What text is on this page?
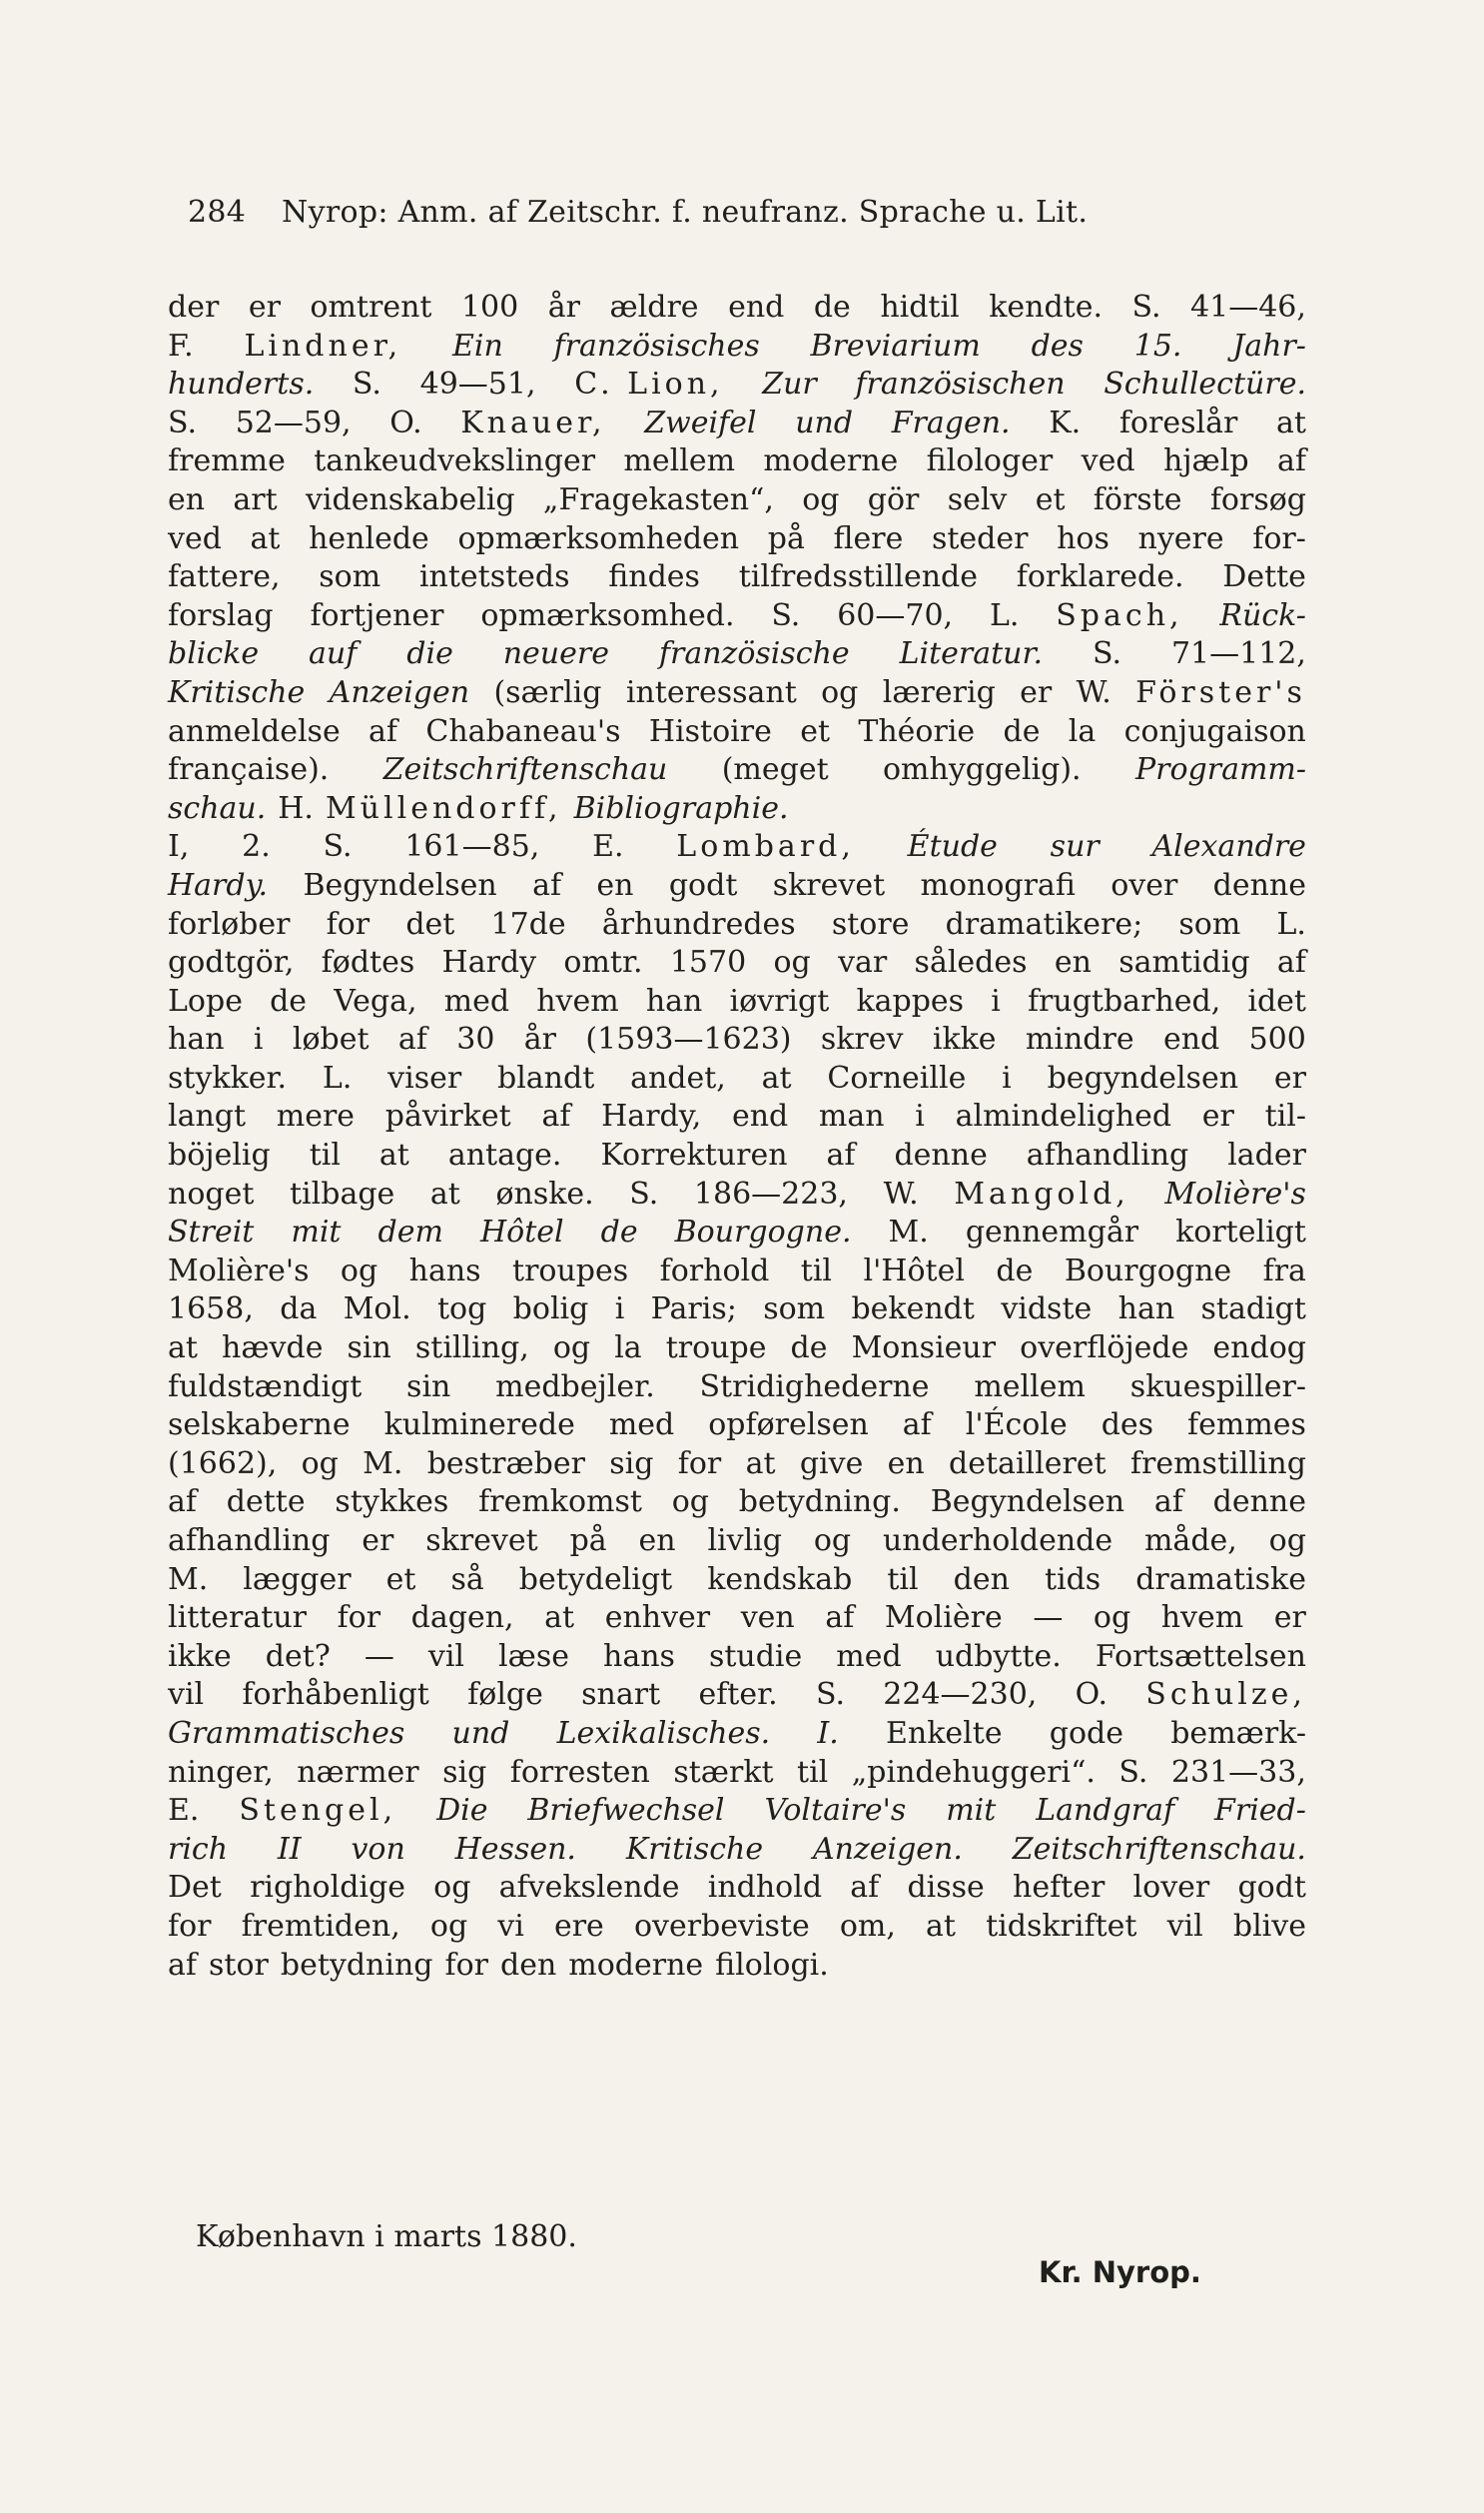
284 Nyrop: Anm. af Zeitschr. f. neufranz. Sprache u. Lit.
der er omtrent 100 år ældre end de hidtil kendte. S. 41—46,
F. Lindner, Ein französisches Breviarium des 15. Jahr-
hunderts. S. 49—51, C. Lion, Zur französischen Schullectüre.
S. 52—59, O. Knauer, Zweifel und Fragen. K. foreslår at
fremme tankeudvekslinger mellem moderne filologer ved hjælp af
en art videnskabelig „Fragekasten“, og gör selv et förste forsøg
ved at henlede opmærksomheden på flere steder hos nyere for-
fattere, som intetsteds findes tilfredsstillende forklarede. Dette
forslag fortjener opmærksomhed. S. 60—70, L. Spach, Rück-
blicke auf die neuere französische Literatur. S. 71—112,
Kritische Anzeigen (særlig interessant og lærerig er W. Förster's
anmeldelse af Chabaneau's Histoire et Théorie de la conjugaison
française). Zeitschriftenschau (meget omhyggelig). Programm-
schau. H. Müllendorff, Bibliographie.
I, 2. S. 161—85, E. Lombard, Étude sur Alexandre
Hardy. Begyndelsen af en godt skrevet monografi over denne
forløber for det 17de århundredes store dramatikere; som L.
godtgör, fødtes Hardy omtr. 1570 og var således en samtidig af
Lope de Vega, med hvem han iøvrigt kappes i frugtbarhed, idet
han i løbet af 30 år (1593—1623) skrev ikke mindre end 500
stykker. L. viser blandt andet, at Corneille i begyndelsen er
langt mere påvirket af Hardy, end man i almindelighed er til-
böjelig til at antage. Korrekturen af denne afhandling lader
noget tilbage at ønske. S. 186—223, W. Mangold, Molière's
Streit mit dem Hôtel de Bourgogne. M. gennemgår korteligt
Molière's og hans troupes forhold til l'Hôtel de Bourgogne fra
1658, da Mol. tog bolig i Paris; som bekendt vidste han stadigt
at hævde sin stilling, og la troupe de Monsieur overflöjede endog
fuldstændigt sin medbejler. Stridighederne mellem skuespiller-
selskaberne kulminerede med opførelsen af l'École des femmes
(1662), og M. bestræber sig for at give en detailleret fremstilling
af dette stykkes fremkomst og betydning. Begyndelsen af denne
afhandling er skrevet på en livlig og underholdende måde, og
M. lægger et så betydeligt kendskab til den tids dramatiske
litteratur for dagen, at enhver ven af Molière — og hvem er
ikke det? — vil læse hans studie med udbytte. Fortsættelsen
vil forhåbenligt følge snart efter. S. 224—230, O. Schulze,
Grammatisches und Lexikalisches. I. Enkelte gode bemærk-
ninger, nærmer sig forresten stærkt til „pindehuggeri“. S. 231—33,
E. Stengel, Die Briefwechsel Voltaire's mit Landgraf Fried-
rich II von Hessen. Kritische Anzeigen. Zeitschriftenschau.
Det righoldige og afvekslende indhold af disse hefter lover godt
for fremtiden, og vi ere overbeviste om, at tidskriftet vil blive
af stor betydning for den moderne filologi.
København i marts 1880.
Kr. Nyrop.
